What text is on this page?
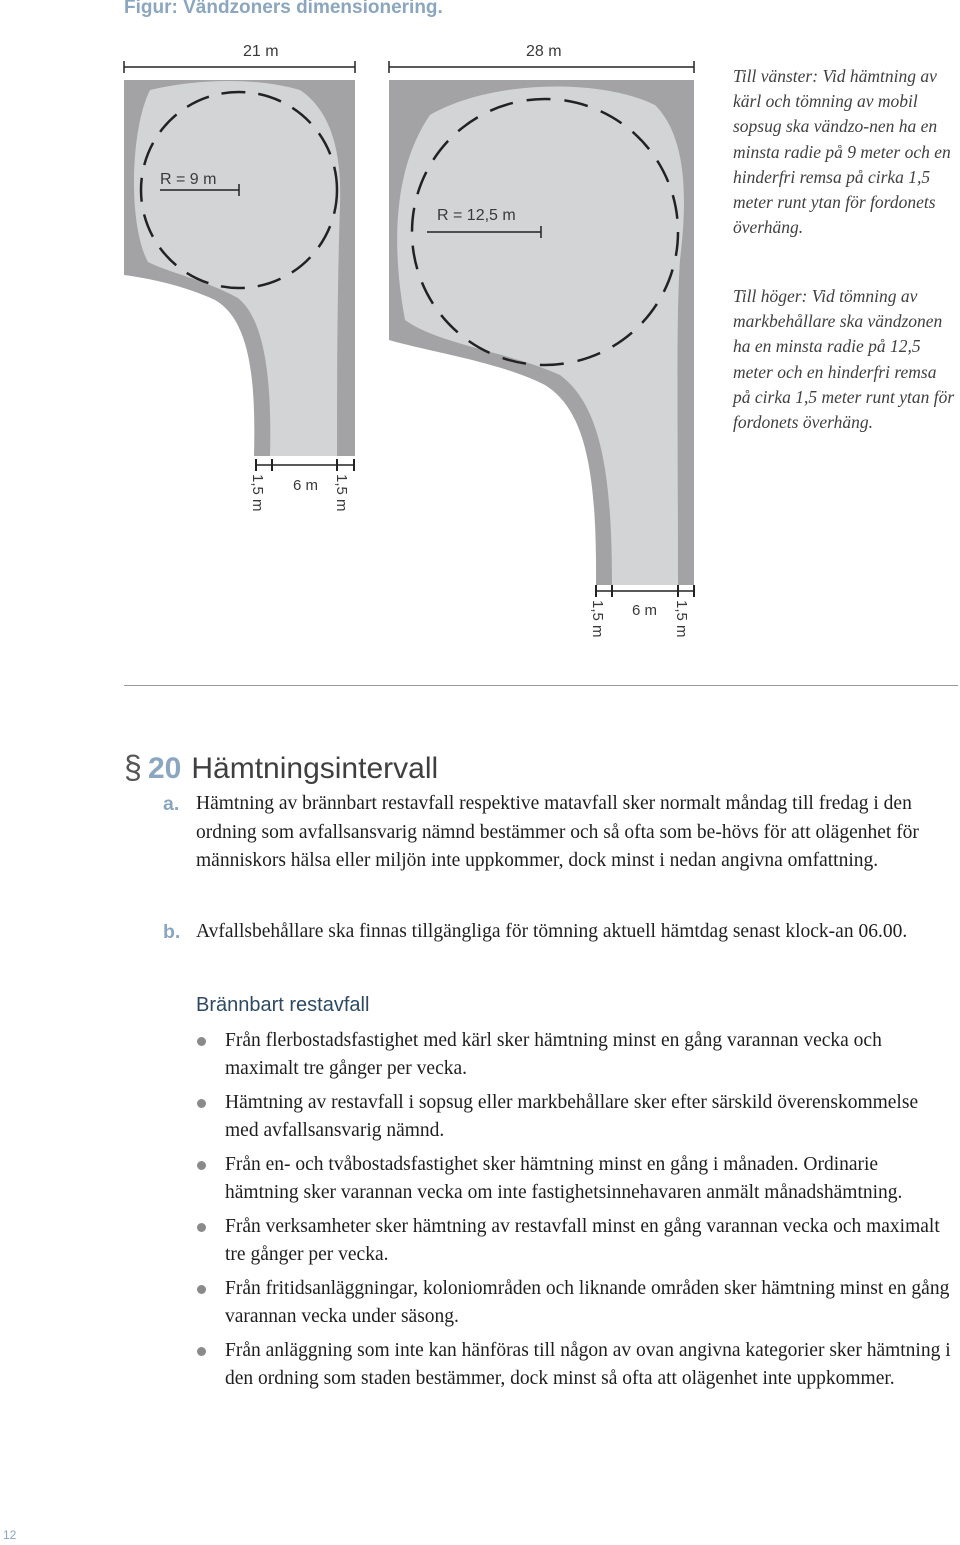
Figur: Vändzoners dimensionering.
21 m
R = 9 m
6 m
1,5 m	1,5 m
28 m
R = 12,5 m
6 m
1,5 m	1,5 m
Till vänster: Vid hämtning av kärl och tömning av mobil sopsug ska vändzo-nen ha en minsta radie på 9 meter och en hinderfri remsa på cirka 1,5 meter runt ytan för fordonets överhäng.
Till höger: Vid tömning av markbehållare ska vändzonen ha en minsta radie på 12,5 meter och en hinderfri remsa på cirka 1,5 meter runt ytan för fordonets överhäng.
§ 20 Hämtningsintervall
a. Hämtning av brännbart restavfall respektive matavfall sker normalt måndag till fredag i den ordning som avfallsansvarig nämnd bestämmer och så ofta som be-hövs för att olägenhet för människors hälsa eller miljön inte uppkommer, dock minst i nedan angivna omfattning.
b. Avfallsbehållare ska finnas tillgängliga för tömning aktuell hämtdag senast klock-an 06.00.
Brännbart restavfall
Från flerbostadsfastighet med kärl sker hämtning minst en gång varannan vecka och maximalt tre gånger per vecka.
Hämtning av restavfall i sopsug eller markbehållare sker efter särskild överenskommelse med avfallsansvarig nämnd.
Från en- och tvåbostadsfastighet sker hämtning minst en gång i månaden. Ordinarie hämtning sker varannan vecka om inte fastighetsinnehavaren anmält månadshämtning.
Från verksamheter sker hämtning av restavfall minst en gång varannan vecka och maximalt tre gånger per vecka.
Från fritidsanläggningar, koloniområden och liknande områden sker hämtning minst en gång varannan vecka under säsong.
Från anläggning som inte kan hänföras till någon av ovan angivna kategorier sker hämtning i den ordning som staden bestämmer, dock minst så ofta att olägenhet inte uppkommer.
12
